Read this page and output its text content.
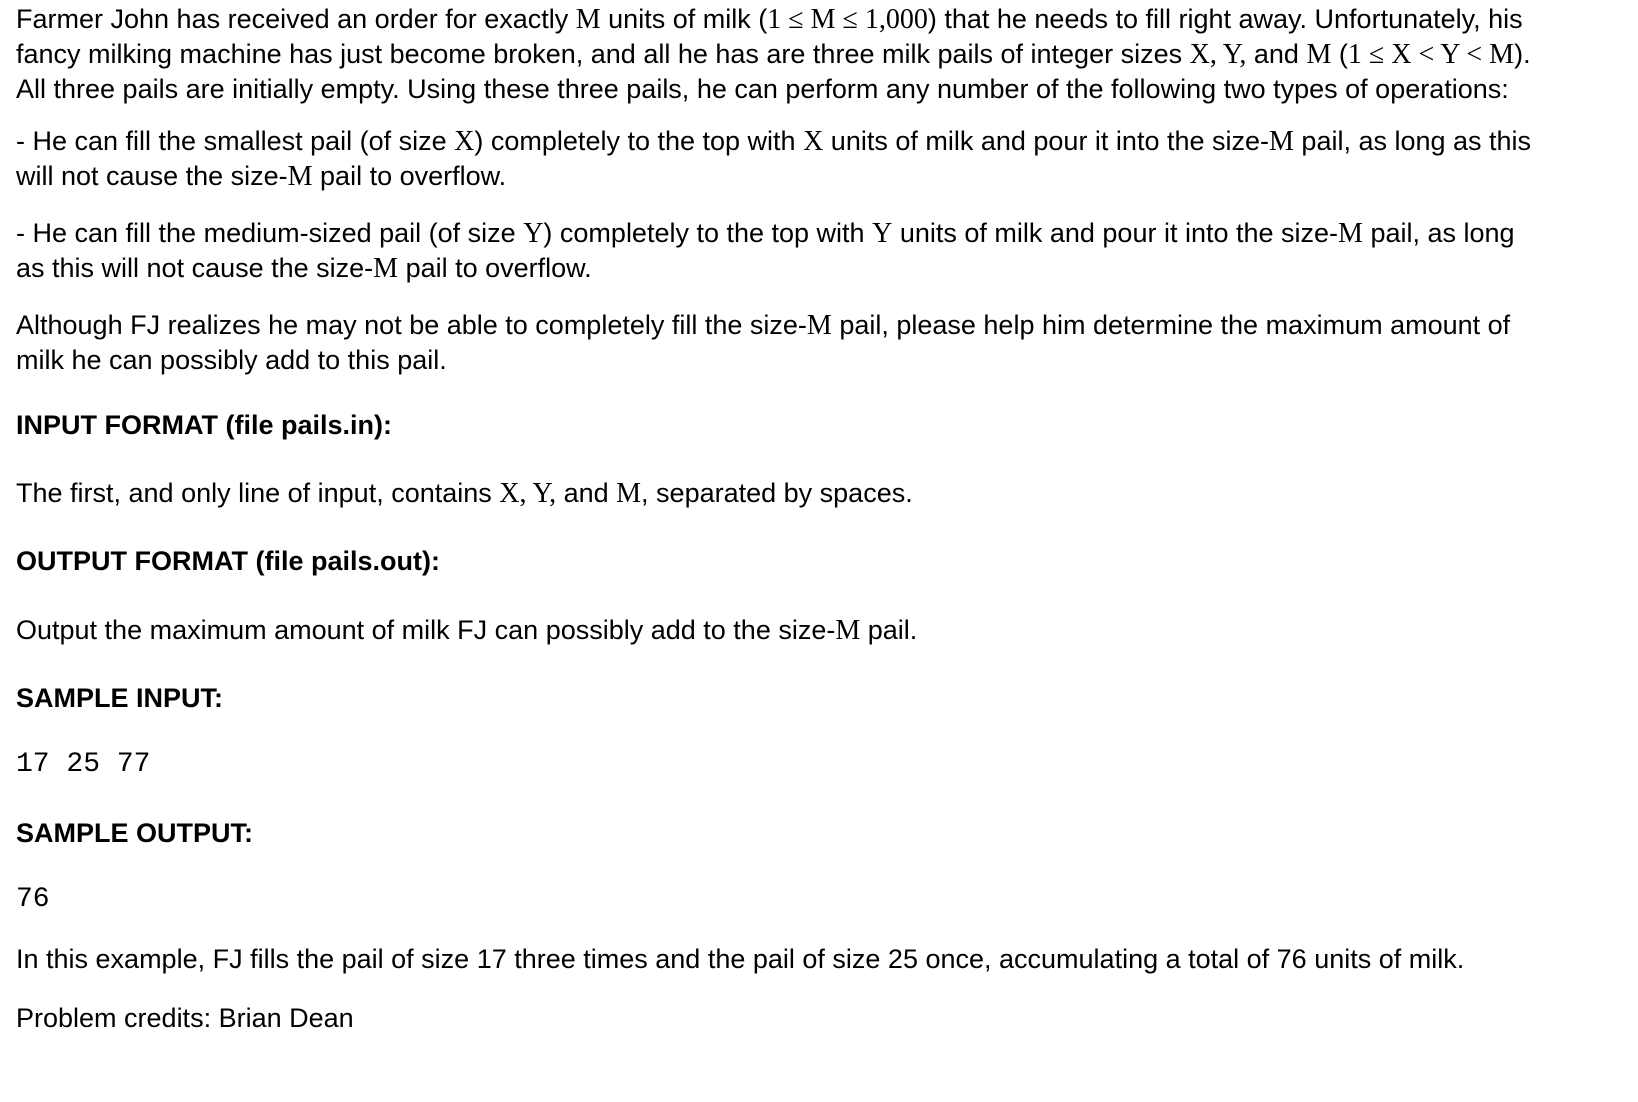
Farmer John has received an order for exactly M units of milk (1 ≤ M ≤ 1,000) that he needs to fill right away. Unfortunately, his
fancy milking machine has just become broken, and all he has are three milk pails of integer sizes X, Y, and M (1 ≤ X < Y < M).
All three pails are initially empty. Using these three pails, he can perform any number of the following two types of operations:

- He can fill the smallest pail (of size X) completely to the top with X units of milk and pour it into the size-M pail, as long as this
will not cause the size-M pail to overflow.

- He can fill the medium-sized pail (of size Y) completely to the top with Y units of milk and pour it into the size-M pail, as long
as this will not cause the size-M pail to overflow.

Although FJ realizes he may not be able to completely fill the size-M pail, please help him determine the maximum amount of
milk he can possibly add to this pail.

INPUT FORMAT (file pails.in):

The first, and only line of input, contains X, Y, and M, separated by spaces.

OUTPUT FORMAT (file pails.out):

Output the maximum amount of milk FJ can possibly add to the size-M pail.

SAMPLE INPUT:
17 25 77
SAMPLE OUTPUT:
76

In this example, FJ fills the pail of size 17 three times and the pail of size 25 once, accumulating a total of 76 units of milk.

Problem credits: Brian Dean
